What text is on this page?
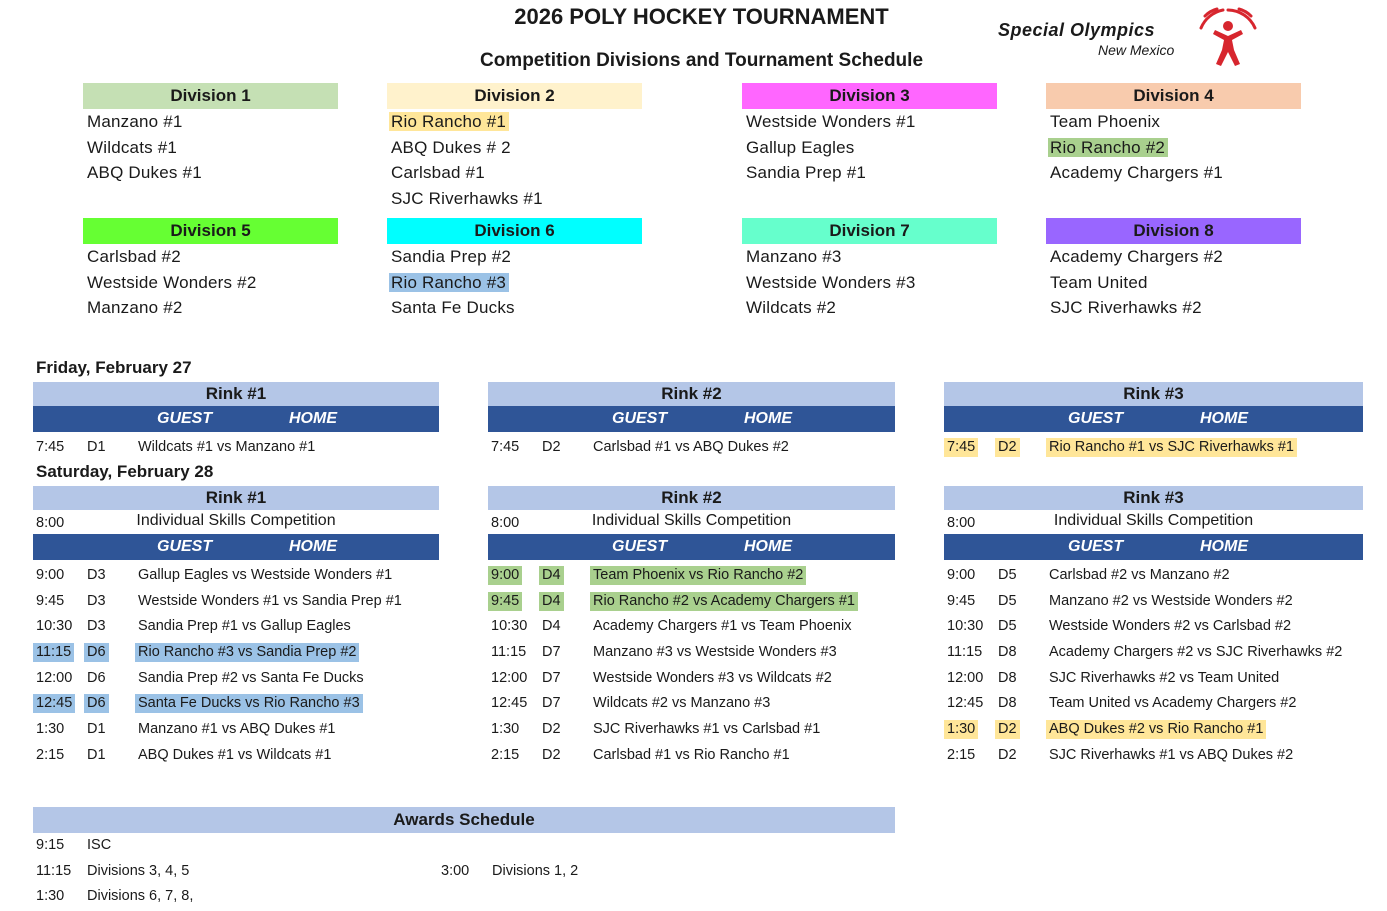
2026 POLY HOCKEY TOURNAMENT
Competition Divisions and Tournament Schedule
Special Olympics
New Mexico
Division 1
Manzano #1
Wildcats #1
ABQ Dukes #1
Division 2
Rio Rancho #1
ABQ Dukes # 2
Carlsbad #1
SJC Riverhawks #1
Division 3
Westside Wonders #1
Gallup Eagles
Sandia Prep #1
Division 4
Team Phoenix
Rio Rancho #2
Academy Chargers #1
Division 5
Carlsbad #2
Westside Wonders #2
Manzano #2
Division 6
Sandia Prep #2
Rio Rancho #3
Santa Fe Ducks
Division 7
Manzano #3
Westside Wonders #3
Wildcats #2
Division 8
Academy Chargers #2
Team United
SJC Riverhawks #2
Friday, February 27
Rink #1
GUEST	HOME
7:45 D1 Wildcats #1 vs Manzano #1
Rink #2
GUEST	HOME
7:45 D2 Carlsbad #1 vs ABQ Dukes #2
Rink #3
GUEST	HOME
7:45 D2 Rio Rancho #1 vs SJC Riverhawks #1
Saturday, February 28
Rink #1
Individual Skills Competition
8:00
GUEST	HOME
9:00 D3 Gallup Eagles vs Westside Wonders #1
9:45 D3 Westside Wonders #1 vs Sandia Prep #1
10:30 D3 Sandia Prep #1 vs Gallup Eagles
11:15 D6 Rio Rancho #3 vs Sandia Prep #2
12:00 D6 Sandia Prep #2 vs Santa Fe Ducks
12:45 D6 Santa Fe Ducks vs Rio Rancho #3
1:30 D1 Manzano #1 vs ABQ Dukes #1
2:15 D1 ABQ Dukes #1 vs Wildcats #1
Rink #2
Individual Skills Competition
8:00
GUEST	HOME
9:00 D4 Team Phoenix vs Rio Rancho #2
9:45 D4 Rio Rancho #2 vs Academy Chargers #1
10:30 D4 Academy Chargers #1 vs Team Phoenix
11:15 D7 Manzano #3 vs Westside Wonders #3
12:00 D7 Westside Wonders #3 vs Wildcats #2
12:45 D7 Wildcats #2 vs Manzano #3
1:30 D2 SJC Riverhawks #1 vs Carlsbad #1
2:15 D2 Carlsbad #1 vs Rio Rancho #1
Rink #3
Individual Skills Competition
8:00
GUEST	HOME
9:00 D5 Carlsbad #2 vs Manzano #2
9:45 D5 Manzano #2 vs Westside Wonders #2
10:30 D5 Westside Wonders #2 vs Carlsbad #2
11:15 D8 Academy Chargers #2 vs SJC Riverhawks #2
12:00 D8 SJC Riverhawks #2 vs Team United
12:45 D8 Team United vs Academy Chargers #2
1:30 D2 ABQ Dukes #2 vs Rio Rancho #1
2:15 D2 SJC Riverhawks #1 vs ABQ Dukes #2
Awards Schedule
9:15 ISC
11:15 Divisions 3, 4, 5
1:30 Divisions 6, 7, 8,
3:00 Divisions 1, 2
